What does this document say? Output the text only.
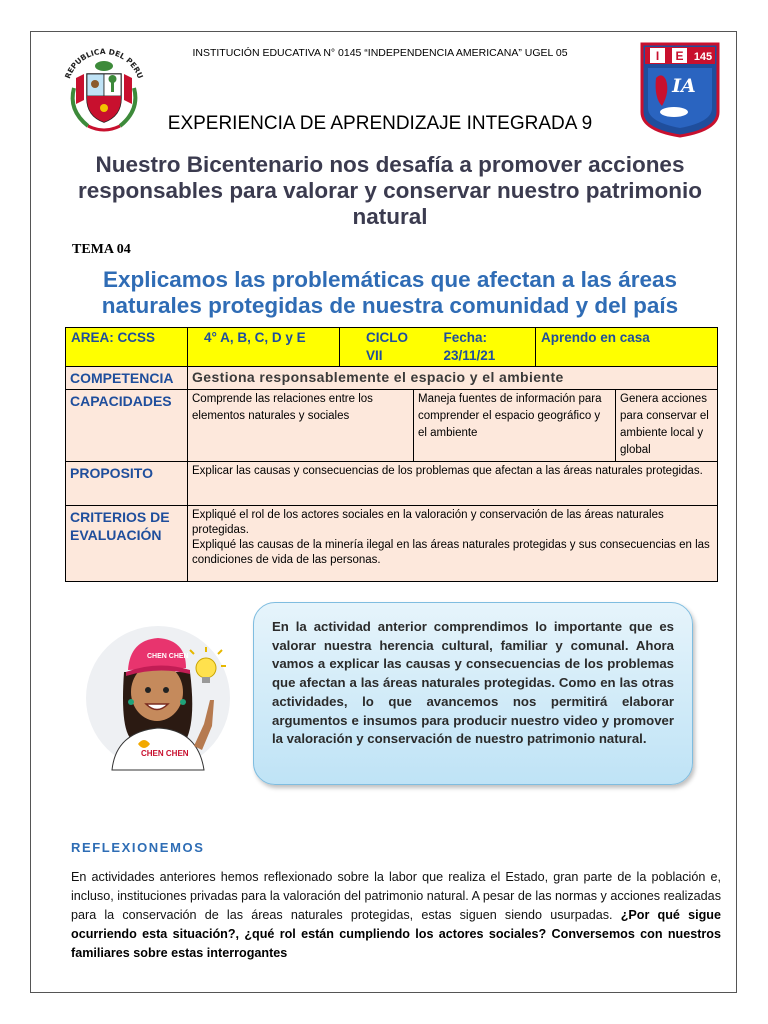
REPUBLICA DEL PERU
I E 145
IA
INSTITUCIÓN EDUCATIVA N° 0145 “INDEPENDENCIA AMERICANA” UGEL 05
EXPERIENCIA DE APRENDIZAJE INTEGRADA 9
Nuestro Bicentenario nos desafía a promover acciones responsables para valorar y conservar nuestro patrimonio natural
TEMA 04
Explicamos las problemáticas que afectan a las áreas naturales protegidas de nuestra comunidad y del país
AREA: CCSS	4° A, B, C, D y E	CICLO VII	Fecha: 23/11/21	Aprendo en casa	
COMPETENCIA	Gestiona responsablemente el espacio y el ambiente				
CAPACIDADES	Comprende las relaciones entre los elementos naturales y sociales		Maneja fuentes de información para comprender el espacio geográfico y el ambiente		Genera acciones para conservar el ambiente local y global
PROPOSITO	Explicar las causas y consecuencias de los problemas que afectan a las áreas naturales protegidas.				
CRITERIOS DE EVALUACIÓN	Expliqué el rol de los actores sociales en la valoración y conservación de las áreas naturales protegidas.
Expliqué las causas de la minería ilegal en las áreas naturales protegidas y sus consecuencias en las condiciones de vida de las personas.				
CHEN CHEN
CHEN CHEN

En la actividad anterior comprendimos lo importante que es valorar nuestra herencia cultural, familiar y comunal. Ahora vamos a explicar las causas y consecuencias de los problemas que afectan a las áreas naturales protegidas. Como en las otras actividades, lo que avancemos nos permitirá elaborar argumentos e insumos para producir nuestro video y promover la valoración y conservación de nuestro patrimonio natural.

REFLEXIONEMOS
En actividades anteriores hemos reflexionado sobre la labor que realiza el Estado, gran parte de la población e, incluso, instituciones privadas para la valoración del patrimonio natural. A pesar de las normas y acciones realizadas para la conservación de las áreas naturales protegidas, estas siguen siendo usurpadas. ¿Por qué sigue ocurriendo esta situación?, ¿qué rol están cumpliendo los actores sociales? Conversemos con nuestros familiares sobre estas interrogantes
